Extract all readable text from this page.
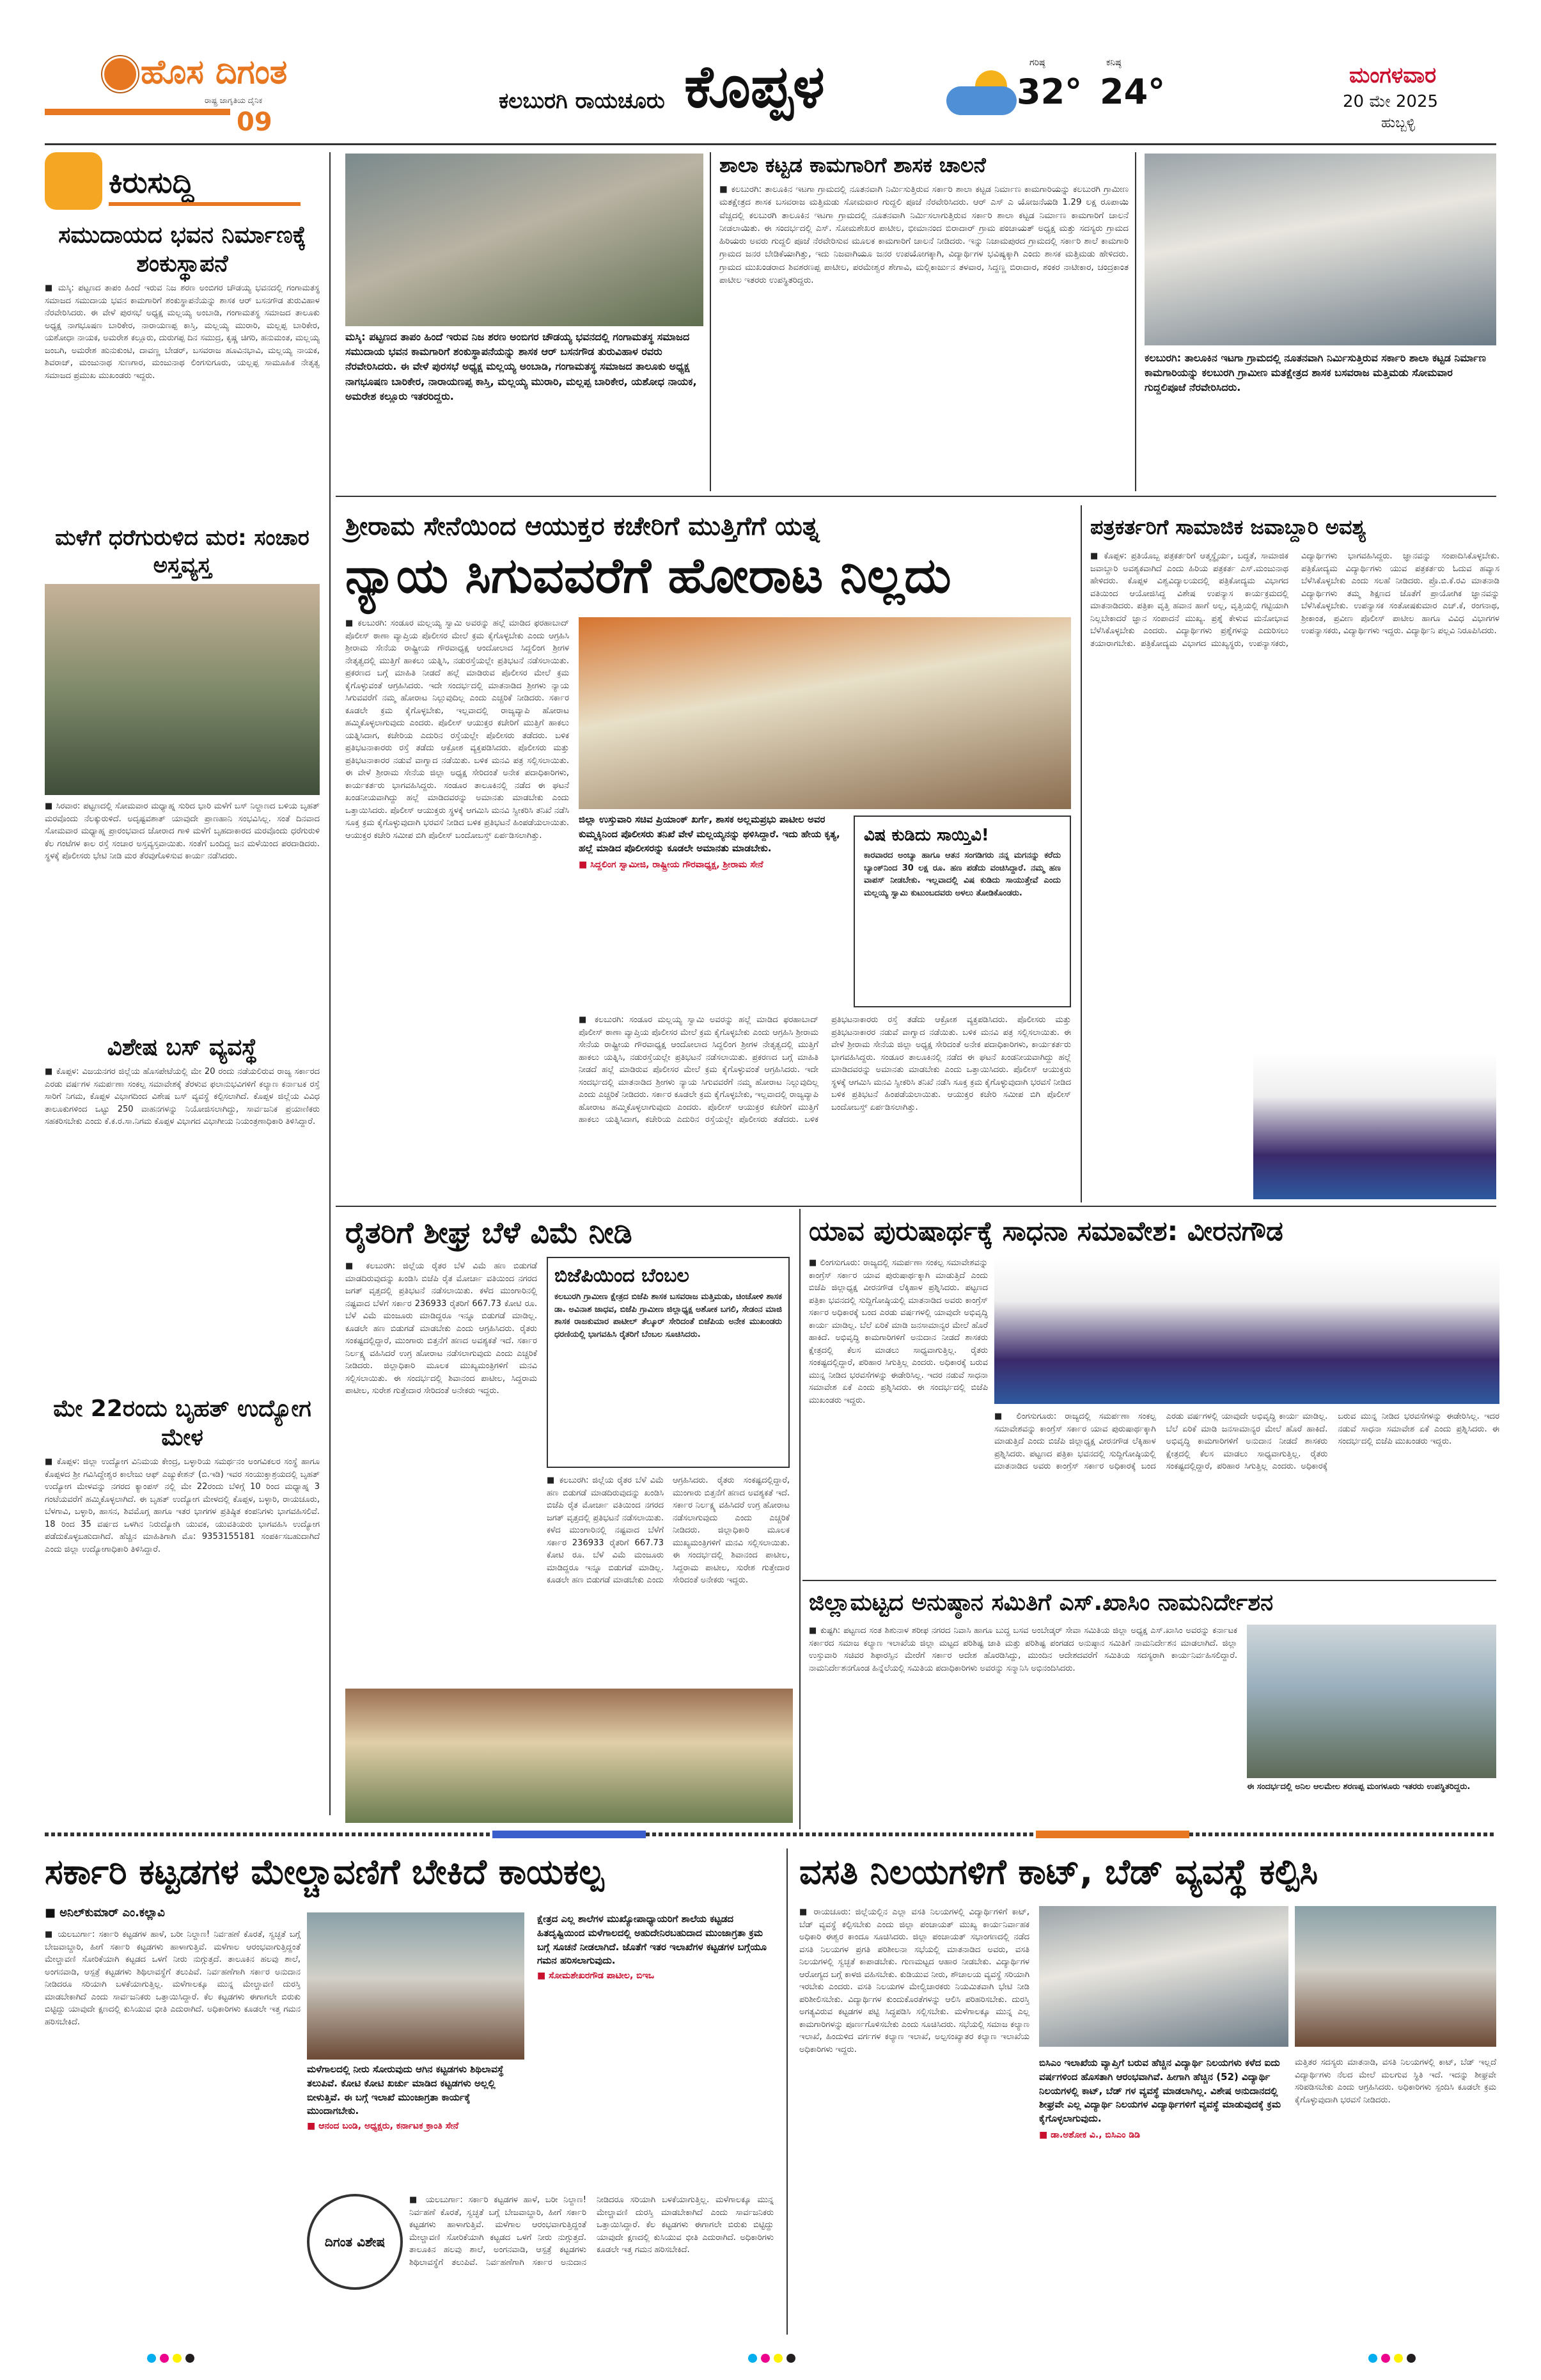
ಹೊಸ ದಿಗಂತ
ರಾಷ್ಟ್ರ ಜಾಗೃತಿಯ ದೈನಿಕ
09
ಕಲಬುರಗಿ ರಾಯಚೂರು ಕೊಪ್ಪಳ	ಗರಿಷ್ಠ
32°
ಕನಿಷ್ಠ
24°	ಮಂಗಳವಾರ
20 ಮೇ 2025
ಹುಬ್ಬಳ್ಳಿ
ಕಿರುಸುದ್ದಿ
ಸಮುದಾಯದ ಭವನ ನಿರ್ಮಾಣಕ್ಕೆ ಶಂಕುಸ್ಥಾಪನೆ
■ ಮಸ್ಕಿ: ಪಟ್ಟಣದ ತಾಪಂ ಹಿಂದೆ ಇರುವ ನಿಜ ಶರಣ ಅಂಬಿಗರ ಚೌಡಯ್ಯ ಭವನದಲ್ಲಿ ಗಂಗಾಮತಸ್ಥ ಸಮಾಜದ ಸಮುದಾಯ ಭವನ ಕಾಮಗಾರಿಗೆ ಶಂಕುಸ್ಥಾಪನೆಯನ್ನು ಶಾಸಕ ಆರ್ ಬಸನಗೌಡ ತುರುವಿಹಾಳ ನೆರವೇರಿಸಿದರು. ಈ ವೇಳೆ ಪುರಸಭೆ ಅಧ್ಯಕ್ಷ ಮಲ್ಲಯ್ಯ ಅಂಬಾಡಿ, ಗಂಗಾಮತಸ್ಥ ಸಮಾಜದ ತಾಲೂಕು ಅಧ್ಯಕ್ಷ ನಾಗಭೂಷಣ ಬಾರಿಕೇರ, ನಾರಾಯಣಪ್ಪ ಕಾಸ್ತಿ, ಮಲ್ಲಯ್ಯ ಮುರಾರಿ, ಮಲ್ಲಪ್ಪ ಬಾರಿಕೇರ, ಯಶೋಧಾ ನಾಯಕ, ಅಮರೇಶ ಕಲ್ಲೂರು, ದುರುಗಪ್ಪ ದಿನ ಸಮುದ್ರ, ಕೃಷ್ಣ ಚಿಗರಿ, ಹನುಮಂತ, ಮಲ್ಲಯ್ಯ ಜಂಬಗಿ, ಅಮರೇಶ ಹುನುಕುಂಟಿ, ದಾವಣ್ಣ ಬೇಡರ್, ಬಸವರಾಜ ಹೂವಿನಭಾವಿ, ಮಲ್ಲಯ್ಯ ನಾಯಕ, ಶಿವರಾಜ್, ಮಂಜುನಾಥ ಸುಣಗಾರ, ಮಂಜುನಾಥ ಲಿಂಗಸುಗೂರು, ಯಲ್ಲಪ್ಪ ಸಾಮೂಹಿಕ ನೇತೃತ್ವ ಸಮಾಜದ ಪ್ರಮುಖ ಮುಖಂಡರು ಇದ್ದರು.
ಮಳೆಗೆ ಧರೆಗುರುಳಿದ ಮರ: ಸಂಚಾರ ಅಸ್ತವ್ಯಸ್ತ
■ ಸಿರವಾರ: ಪಟ್ಟಣದಲ್ಲಿ ಸೋಮವಾರ ಮಧ್ಯಾಹ್ನ ಸುರಿದ ಭಾರಿ ಮಳೆಗೆ ಬಸ್ ನಿಲ್ದಾಣದ ಬಳಿಯ ಬೃಹತ್ ಮರವೊಂದು ನೆಲಕ್ಕುರುಳಿದೆ. ಅದೃಷ್ಟವಶಾತ್ ಯಾವುದೇ ಪ್ರಾಣಹಾನಿ ಸಂಭವಿಸಿಲ್ಲ. ಸಂತೆ ದಿನವಾದ ಸೋಮವಾರ ಮಧ್ಯಾಹ್ನ ಪ್ರಾರಂಭವಾದ ಜೋರಾದ ಗಾಳಿ ಮಳೆಗೆ ಬೃಹದಾಕಾರದ ಮರವೊಂದು ಧರೆಗುರುಳಿ ಕೆಲ ಗಂಟೆಗಳ ಕಾಲ ರಸ್ತೆ ಸಂಚಾರ ಅಸ್ತವ್ಯಸ್ತವಾಯಿತು. ಸಂತೆಗೆ ಬಂದಿದ್ದ ಜನ ಮಳೆಯಿಂದ ಪರದಾಡಿದರು. ಸ್ಥಳಕ್ಕೆ ಪೊಲೀಸರು ಭೇಟಿ ನೀಡಿ ಮರ ತೆರವುಗೊಳಿಸುವ ಕಾರ್ಯ ನಡೆಸಿದರು.
ವಿಶೇಷ ಬಸ್ ವ್ಯವಸ್ಥೆ
■ ಕೊಪ್ಪಳ: ವಿಜಯನಗರ ಜಿಲ್ಲೆಯ ಹೊಸಪೇಟೆಯಲ್ಲಿ ಮೇ 20 ರಂದು ನಡೆಯಲಿರುವ ರಾಜ್ಯ ಸರ್ಕಾರದ ಎರಡು ವರ್ಷಗಳ ಸಮರ್ಪಣಾ ಸಂಕಲ್ಪ ಸಮಾವೇಶಕ್ಕೆ ತೆರಳುವ ಫಲಾನುಭವಿಗಳಿಗೆ ಕಲ್ಯಾಣ ಕರ್ನಾಟಕ ರಸ್ತೆ ಸಾರಿಗೆ ನಿಗಮ, ಕೊಪ್ಪಳ ವಿಭಾಗದಿಂದ ವಿಶೇಷ ಬಸ್ ವ್ಯವಸ್ಥೆ ಕಲ್ಪಿಸಲಾಗಿದೆ. ಕೊಪ್ಪಳ ಜಿಲ್ಲೆಯ ವಿವಿಧ ತಾಲೂಕುಗಳಿಂದ ಒಟ್ಟು 250 ವಾಹನಗಳನ್ನು ನಿಯೋಜಿಸಲಾಗಿದ್ದು, ಸಾರ್ವಜನಿಕ ಪ್ರಯಾಣಿಕರು ಸಹಕರಿಸಬೇಕು ಎಂದು ಕೆ.ಕ.ರ.ಸಾ.ನಿಗಮ ಕೊಪ್ಪಳ ವಿಭಾಗದ ವಿಭಾಗೀಯ ನಿಯಂತ್ರಣಾಧಿಕಾರಿ ತಿಳಿಸಿದ್ದಾರೆ.
ಮೇ 22ರಂದು ಬೃಹತ್ ಉದ್ಯೋಗ ಮೇಳ
■ ಕೊಪ್ಪಳ: ಜಿಲ್ಲಾ ಉದ್ಯೋಗ ವಿನಿಮಯ ಕೇಂದ್ರ, ಬಳ್ಳಾರಿಯ ಸಮರ್ಥನಂ ಅಂಗವಿಕಲರ ಸಂಸ್ಥೆ ಹಾಗೂ ಕೊಪ್ಪಳದ ಶ್ರೀ ಗವಿಸಿದ್ದೇಶ್ವರ ಕಾಲೇಜು ಆಫ್ ಎಜ್ಯುಕೇಶನ್ (ಬಿ.ಇಡಿ) ಇವರ ಸಂಯುಕ್ತಾಶ್ರಯದಲ್ಲಿ ಬೃಹತ್ ಉದ್ಯೋಗ ಮೇಳವನ್ನು ನಗರದ ಕ್ಯಾಂಪಸ್ ನಲ್ಲಿ ಮೇ 22ರಂದು ಬೆಳಿಗ್ಗೆ 10 ರಿಂದ ಮಧ್ಯಾಹ್ನ 3 ಗಂಟೆಯವರೆಗೆ ಹಮ್ಮಿಕೊಳ್ಳಲಾಗಿದೆ. ಈ ಬೃಹತ್ ಉದ್ಯೋಗ ಮೇಳದಲ್ಲಿ ಕೊಪ್ಪಳ, ಬಳ್ಳಾರಿ, ರಾಯಚೂರು, ಬೆಳಗಾವಿ, ಬಳ್ಳಾರಿ, ಹಾಸನ, ಶಿವಮೊಗ್ಗ ಹಾಗೂ ಇತರ ಭಾಗಗಳ ಪ್ರತಿಷ್ಠಿತ ಕಂಪನಿಗಳು ಭಾಗವಹಿಸಲಿವೆ. 18 ರಿಂದ 35 ವರ್ಷದ ಒಳಗಿನ ನಿರುದ್ಯೋಗಿ ಯುವಕ, ಯುವತಿಯರು ಭಾಗವಹಿಸಿ ಉದ್ಯೋಗ ಪಡೆದುಕೊಳ್ಳಬಹುದಾಗಿದೆ. ಹೆಚ್ಚಿನ ಮಾಹಿತಿಗಾಗಿ ಮೊ: 9353155181 ಸಂಪರ್ಕಿಸಬಹುದಾಗಿದೆ ಎಂದು ಜಿಲ್ಲಾ ಉದ್ಯೋಗಾಧಿಕಾರಿ ತಿಳಿಸಿದ್ದಾರೆ.
ಮಸ್ಕಿ: ಪಟ್ಟಣದ ತಾಪಂ ಹಿಂದೆ ಇರುವ ನಿಜ ಶರಣ ಅಂಬಿಗರ ಚೌಡಯ್ಯ ಭವನದಲ್ಲಿ ಗಂಗಾಮತಸ್ಥ ಸಮಾಜದ ಸಮುದಾಯ ಭವನ ಕಾಮಗಾರಿಗೆ ಶಂಕುಸ್ಥಾಪನೆಯನ್ನು ಶಾಸಕ ಆರ್ ಬಸನಗೌಡ ತುರುವಿಹಾಳ ರವರು ನೆರವೇರಿಸಿದರು. ಈ ವೇಳೆ ಪುರಸಭೆ ಅಧ್ಯಕ್ಷ ಮಲ್ಲಯ್ಯ ಅಂಬಾಡಿ, ಗಂಗಾಮತಸ್ಥ ಸಮಾಜದ ತಾಲೂಕು ಅಧ್ಯಕ್ಷ ನಾಗಭೂಷಣ ಬಾರಿಕೇರ, ನಾರಾಯಣಪ್ಪ ಕಾಸ್ತಿ, ಮಲ್ಲಯ್ಯ ಮುರಾರಿ, ಮಲ್ಲಪ್ಪ ಬಾರಿಕೇರ, ಯಶೋಧ ನಾಯಕ, ಅಮರೇಶ ಕಲ್ಲೂರು ಇತರರಿದ್ದರು.
ಶಾಲಾ ಕಟ್ಟಡ ಕಾಮಗಾರಿಗೆ ಶಾಸಕ ಚಾಲನೆ
■ ಕಲಬುರಗಿ: ತಾಲೂಕಿನ ಇಟಗಾ ಗ್ರಾಮದಲ್ಲಿ ನೂತನವಾಗಿ ನಿರ್ಮಿಸುತ್ತಿರುವ ಸರ್ಕಾರಿ ಶಾಲಾ ಕಟ್ಟಡ ನಿರ್ಮಾಣ ಕಾಮಗಾರಿಯನ್ನು ಕಲಬುರಗಿ ಗ್ರಾಮೀಣ ಮತಕ್ಷೇತ್ರದ ಶಾಸಕ ಬಸವರಾಜ ಮತ್ತಿಮಡು ಸೋಮವಾರ ಗುದ್ದಲಿ ಪೂಜೆ ನೆರವೇರಿಸಿದರು. ಆರ್ ಎಸ್ ಎ ಯೋಜನೆಯಡಿ 1.29 ಲಕ್ಷ ರೂಪಾಯಿ ವೆಚ್ಚದಲ್ಲಿ ಕಲಬುರಗಿ ತಾಲೂಕಿನ ಇಟಗಾ ಗ್ರಾಮದಲ್ಲಿ ನೂತನವಾಗಿ ನಿರ್ಮಿಸಲಾಗುತ್ತಿರುವ ಸರ್ಕಾರಿ ಶಾಲಾ ಕಟ್ಟಡ ನಿರ್ಮಾಣ ಕಾಮಗಾರಿಗೆ ಚಾಲನೆ ನೀಡಲಾಯಿತು. ಈ ಸಂದರ್ಭದಲ್ಲಿ ಎಸ್. ಸೋಮಶೇಖರ ಪಾಟೀಲ, ಭೀಮಾನಂದ ಬಿರಾದಾರ್ ಗ್ರಾಮ ಪಂಚಾಯತ್ ಅಧ್ಯಕ್ಷ ಮತ್ತು ಸದಸ್ಯರು ಗ್ರಾಮದ ಹಿರಿಯರು ಅವರು ಗುದ್ದಲಿ ಪೂಜೆ ನೆರವೇರಿಸುವ ಮೂಲಕ ಕಾಮಗಾರಿಗೆ ಚಾಲನೆ ನೀಡಿದರು. ಇನ್ನು ನಿಜಾಮಪುರದ ಗ್ರಾಮದಲ್ಲಿ ಸರ್ಕಾರಿ ಶಾಲೆ ಕಾಮಗಾರಿ ಗ್ರಾಮದ ಜನರ ಬೇಡಿಕೆಯಾಗಿತ್ತು, ಇದು ನಿಜವಾಗಿಯೂ ಜನರ ಉಪಯೋಗಕ್ಕಾಗಿ, ವಿದ್ಯಾರ್ಥಿಗಳ ಭವಿಷ್ಯಕ್ಕಾಗಿ ಎಂದು ಶಾಸಕ ಮತ್ತಿಮಡು ಹೇಳಿದರು. ಗ್ರಾಮದ ಮುಖಂಡರಾದ ಶಿವಶರಣಪ್ಪ ಪಾಟೀಲ, ಪರಮೇಶ್ವರ ಶೇಗಾವಿ, ಮಲ್ಲಿಕಾರ್ಜುನ ತಳವಾರ, ಸಿದ್ದಣ್ಣ ಬಿರಾದಾರ, ಶಂಕರ ನಾಟೀಕಾರ, ಚಂದ್ರಕಾಂತ ಪಾಟೀಲ ಇತರರು ಉಪಸ್ಥಿತರಿದ್ದರು.
ಕಲಬುರಗಿ: ತಾಲೂಕಿನ ಇಟಗಾ ಗ್ರಾಮದಲ್ಲಿ ನೂತನವಾಗಿ ನಿರ್ಮಿಸುತ್ತಿರುವ ಸರ್ಕಾರಿ ಶಾಲಾ ಕಟ್ಟಡ ನಿರ್ಮಾಣ ಕಾಮಗಾರಿಯನ್ನು ಕಲಬುರಗಿ ಗ್ರಾಮೀಣ ಮತಕ್ಷೇತ್ರದ ಶಾಸಕ ಬಸವರಾಜ ಮತ್ತಿಮಡು ಸೋಮವಾರ ಗುದ್ದಲಿಪೂಜೆ ನೆರವೇರಿಸಿದರು.
ಶ್ರೀರಾಮ ಸೇನೆಯಿಂದ ಆಯುಕ್ತರ ಕಚೇರಿಗೆ ಮುತ್ತಿಗೆಗೆ ಯತ್ನ
ನ್ಯಾಯ ಸಿಗುವವರೆಗೆ ಹೋರಾಟ ನಿಲ್ಲದು
■ ಕಲಬುರಗಿ: ಸಂಡೂರ ಮಲ್ಲಯ್ಯ ಸ್ವಾಮಿ ಅವರನ್ನು ಹಲ್ಲೆ ಮಾಡಿದ ಫರಹಾಬಾದ್ ಪೊಲೀಸ್ ಠಾಣಾ ವ್ಯಾಪ್ತಿಯ ಪೊಲೀಸರ ಮೇಲೆ ಕ್ರಮ ಕೈಗೊಳ್ಳಬೇಕು ಎಂದು ಆಗ್ರಹಿಸಿ ಶ್ರೀರಾಮ ಸೇನೆಯ ರಾಷ್ಟ್ರೀಯ ಗೌರವಾಧ್ಯಕ್ಷ ಆಂದೋಲಾದ ಸಿದ್ದಲಿಂಗ ಶ್ರೀಗಳ ನೇತೃತ್ವದಲ್ಲಿ ಮುತ್ತಿಗೆ ಹಾಕಲು ಯತ್ನಿಸಿ, ನಡುರಸ್ತೆಯಲ್ಲೇ ಪ್ರತಿಭಟನೆ ನಡೆಸಲಾಯಿತು. ಪ್ರಕರಣದ ಬಗ್ಗೆ ಮಾಹಿತಿ ನೀಡದೆ ಹಲ್ಲೆ ಮಾಡಿರುವ ಪೊಲೀಸರ ಮೇಲೆ ಕ್ರಮ ಕೈಗೊಳ್ಳುವಂತೆ ಆಗ್ರಹಿಸಿದರು. ಇದೇ ಸಂದರ್ಭದಲ್ಲಿ ಮಾತನಾಡಿದ ಶ್ರೀಗಳು ನ್ಯಾಯ ಸಿಗುವವರೆಗೆ ನಮ್ಮ ಹೋರಾಟ ನಿಲ್ಲುವುದಿಲ್ಲ ಎಂದು ಎಚ್ಚರಿಕೆ ನೀಡಿದರು. ಸರ್ಕಾರ ಕೂಡಲೇ ಕ್ರಮ ಕೈಗೊಳ್ಳಬೇಕು, ಇಲ್ಲವಾದಲ್ಲಿ ರಾಜ್ಯವ್ಯಾಪಿ ಹೋರಾಟ ಹಮ್ಮಿಕೊಳ್ಳಲಾಗುವುದು ಎಂದರು. ಪೊಲೀಸ್ ಆಯುಕ್ತರ ಕಚೇರಿಗೆ ಮುತ್ತಿಗೆ ಹಾಕಲು ಯತ್ನಿಸಿದಾಗ, ಕಚೇರಿಯ ಎದುರಿನ ರಸ್ತೆಯಲ್ಲೇ ಪೊಲೀಸರು ತಡೆದರು. ಬಳಿಕ ಪ್ರತಿಭಟನಾಕಾರರು ರಸ್ತೆ ತಡೆದು ಆಕ್ರೋಶ ವ್ಯಕ್ತಪಡಿಸಿದರು. ಪೊಲೀಸರು ಮತ್ತು ಪ್ರತಿಭಟನಾಕಾರರ ನಡುವೆ ವಾಗ್ವಾದ ನಡೆಯಿತು. ಬಳಿಕ ಮನವಿ ಪತ್ರ ಸಲ್ಲಿಸಲಾಯಿತು. ಈ ವೇಳೆ ಶ್ರೀರಾಮ ಸೇನೆಯ ಜಿಲ್ಲಾ ಅಧ್ಯಕ್ಷ ಸೇರಿದಂತೆ ಅನೇಕ ಪದಾಧಿಕಾರಿಗಳು, ಕಾರ್ಯಕರ್ತರು ಭಾಗವಹಿಸಿದ್ದರು. ಸಂಡೂರ ತಾಲೂಕಿನಲ್ಲಿ ನಡೆದ ಈ ಘಟನೆ ಖಂಡನೀಯವಾಗಿದ್ದು ಹಲ್ಲೆ ಮಾಡಿದವರನ್ನು ಅಮಾನತು ಮಾಡಬೇಕು ಎಂದು ಒತ್ತಾಯಿಸಿದರು. ಪೊಲೀಸ್ ಆಯುಕ್ತರು ಸ್ಥಳಕ್ಕೆ ಆಗಮಿಸಿ ಮನವಿ ಸ್ವೀಕರಿಸಿ ತನಿಖೆ ನಡೆಸಿ ಸೂಕ್ತ ಕ್ರಮ ಕೈಗೊಳ್ಳುವುದಾಗಿ ಭರವಸೆ ನೀಡಿದ ಬಳಿಕ ಪ್ರತಿಭಟನೆ ಹಿಂಪಡೆಯಲಾಯಿತು. ಆಯುಕ್ತರ ಕಚೇರಿ ಸಮೀಪ ಬಿಗಿ ಪೊಲೀಸ್ ಬಂದೋಬಸ್ತ್ ಏರ್ಪಡಿಸಲಾಗಿತ್ತು.
ಜಿಲ್ಲಾ ಉಸ್ತುವಾರಿ ಸಚಿವ ಪ್ರಿಯಾಂಕ್ ಖರ್ಗೆ, ಶಾಸಕ ಅಲ್ಲಮಪ್ರಭು ಪಾಟೀಲ ಅವರ ಕುಮ್ಮಕ್ಕಿನಿಂದ ಪೊಲೀಸರು ತನಿಖೆ ವೇಳೆ ಮಲ್ಲಯ್ಯನನ್ನು ಥಳಿಸಿದ್ದಾರೆ. ಇದು ಹೇಯ ಕೃತ್ಯ, ಹಲ್ಲೆ ಮಾಡಿದ ಪೊಲೀಸರನ್ನು ಕೂಡಲೇ ಅಮಾನತು ಮಾಡಬೇಕು.
■ ಸಿದ್ದಲಿಂಗ ಸ್ವಾಮೀಜಿ, ರಾಷ್ಟ್ರೀಯ ಗೌರವಾಧ್ಯಕ್ಷ, ಶ್ರೀರಾಮ ಸೇನೆ
ವಿಷ ಕುಡಿದು ಸಾಯ್ತಿವಿ!
ಕಾರವಾರದ ಅಂಬ್ಯಾ ಹಾಗೂ ಆತನ ಸಂಗಡಿಗರು ನನ್ನ ಮಗನನ್ನು ಕರೆದು ಬ್ಯಾಂಕ್‌ನಿಂದ 30 ಲಕ್ಷ ರೂ. ಹಣ ಪಡೆದು ವಂಚಿಸಿದ್ದಾರೆ. ನಮ್ಮ ಹಣ ವಾಪಸ್ ನೀಡಬೇಕು. ಇಲ್ಲವಾದಲ್ಲಿ ವಿಷ ಕುಡಿದು ಸಾಯುತ್ತೇವೆ ಎಂದು ಮಲ್ಲಯ್ಯ ಸ್ವಾಮಿ ಕುಟುಂಬದವರು ಅಳಲು ತೋಡಿಕೊಂಡರು.
■ ಕಲಬುರಗಿ: ಸಂಡೂರ ಮಲ್ಲಯ್ಯ ಸ್ವಾಮಿ ಅವರನ್ನು ಹಲ್ಲೆ ಮಾಡಿದ ಫರಹಾಬಾದ್ ಪೊಲೀಸ್ ಠಾಣಾ ವ್ಯಾಪ್ತಿಯ ಪೊಲೀಸರ ಮೇಲೆ ಕ್ರಮ ಕೈಗೊಳ್ಳಬೇಕು ಎಂದು ಆಗ್ರಹಿಸಿ ಶ್ರೀರಾಮ ಸೇನೆಯ ರಾಷ್ಟ್ರೀಯ ಗೌರವಾಧ್ಯಕ್ಷ ಆಂದೋಲಾದ ಸಿದ್ದಲಿಂಗ ಶ್ರೀಗಳ ನೇತೃತ್ವದಲ್ಲಿ ಮುತ್ತಿಗೆ ಹಾಕಲು ಯತ್ನಿಸಿ, ನಡುರಸ್ತೆಯಲ್ಲೇ ಪ್ರತಿಭಟನೆ ನಡೆಸಲಾಯಿತು. ಪ್ರಕರಣದ ಬಗ್ಗೆ ಮಾಹಿತಿ ನೀಡದೆ ಹಲ್ಲೆ ಮಾಡಿರುವ ಪೊಲೀಸರ ಮೇಲೆ ಕ್ರಮ ಕೈಗೊಳ್ಳುವಂತೆ ಆಗ್ರಹಿಸಿದರು. ಇದೇ ಸಂದರ್ಭದಲ್ಲಿ ಮಾತನಾಡಿದ ಶ್ರೀಗಳು ನ್ಯಾಯ ಸಿಗುವವರೆಗೆ ನಮ್ಮ ಹೋರಾಟ ನಿಲ್ಲುವುದಿಲ್ಲ ಎಂದು ಎಚ್ಚರಿಕೆ ನೀಡಿದರು. ಸರ್ಕಾರ ಕೂಡಲೇ ಕ್ರಮ ಕೈಗೊಳ್ಳಬೇಕು, ಇಲ್ಲವಾದಲ್ಲಿ ರಾಜ್ಯವ್ಯಾಪಿ ಹೋರಾಟ ಹಮ್ಮಿಕೊಳ್ಳಲಾಗುವುದು ಎಂದರು. ಪೊಲೀಸ್ ಆಯುಕ್ತರ ಕಚೇರಿಗೆ ಮುತ್ತಿಗೆ ಹಾಕಲು ಯತ್ನಿಸಿದಾಗ, ಕಚೇರಿಯ ಎದುರಿನ ರಸ್ತೆಯಲ್ಲೇ ಪೊಲೀಸರು ತಡೆದರು. ಬಳಿಕ ಪ್ರತಿಭಟನಾಕಾರರು ರಸ್ತೆ ತಡೆದು ಆಕ್ರೋಶ ವ್ಯಕ್ತಪಡಿಸಿದರು. ಪೊಲೀಸರು ಮತ್ತು ಪ್ರತಿಭಟನಾಕಾರರ ನಡುವೆ ವಾಗ್ವಾದ ನಡೆಯಿತು. ಬಳಿಕ ಮನವಿ ಪತ್ರ ಸಲ್ಲಿಸಲಾಯಿತು. ಈ ವೇಳೆ ಶ್ರೀರಾಮ ಸೇನೆಯ ಜಿಲ್ಲಾ ಅಧ್ಯಕ್ಷ ಸೇರಿದಂತೆ ಅನೇಕ ಪದಾಧಿಕಾರಿಗಳು, ಕಾರ್ಯಕರ್ತರು ಭಾಗವಹಿಸಿದ್ದರು. ಸಂಡೂರ ತಾಲೂಕಿನಲ್ಲಿ ನಡೆದ ಈ ಘಟನೆ ಖಂಡನೀಯವಾಗಿದ್ದು ಹಲ್ಲೆ ಮಾಡಿದವರನ್ನು ಅಮಾನತು ಮಾಡಬೇಕು ಎಂದು ಒತ್ತಾಯಿಸಿದರು. ಪೊಲೀಸ್ ಆಯುಕ್ತರು ಸ್ಥಳಕ್ಕೆ ಆಗಮಿಸಿ ಮನವಿ ಸ್ವೀಕರಿಸಿ ತನಿಖೆ ನಡೆಸಿ ಸೂಕ್ತ ಕ್ರಮ ಕೈಗೊಳ್ಳುವುದಾಗಿ ಭರವಸೆ ನೀಡಿದ ಬಳಿಕ ಪ್ರತಿಭಟನೆ ಹಿಂಪಡೆಯಲಾಯಿತು. ಆಯುಕ್ತರ ಕಚೇರಿ ಸಮೀಪ ಬಿಗಿ ಪೊಲೀಸ್ ಬಂದೋಬಸ್ತ್ ಏರ್ಪಡಿಸಲಾಗಿತ್ತು.
ಪತ್ರಕರ್ತರಿಗೆ ಸಾಮಾಜಿಕ ಜವಾಬ್ದಾರಿ ಅವಶ್ಯ
■ ಕೊಪ್ಪಳ: ಪ್ರತಿಯೊಬ್ಬ ಪತ್ರಕರ್ತರಿಗೆ ಆತ್ಮಸ್ಥೈರ್ಯ, ಬದ್ಧತೆ, ಸಾಮಾಜಿಕ ಜವಾಬ್ದಾರಿ ಅವಶ್ಯಕವಾಗಿದೆ ಎಂದು ಹಿರಿಯ ಪತ್ರಕರ್ತ ಎಸ್.ಮಂಜುನಾಥ ಹೇಳಿದರು. ಕೊಪ್ಪಳ ವಿಶ್ವವಿದ್ಯಾಲಯದಲ್ಲಿ ಪತ್ರಿಕೋದ್ಯಮ ವಿಭಾಗದ ವತಿಯಿಂದ ಆಯೋಜಿಸಿದ್ದ ವಿಶೇಷ ಉಪನ್ಯಾಸ ಕಾರ್ಯಕ್ರಮದಲ್ಲಿ ಮಾತನಾಡಿದರು. ಪತ್ರಿಕಾ ವೃತ್ತಿ ಹವಾನ ಹಾಗೆ ಅಲ್ಲ, ವೃತ್ತಿಯಲ್ಲಿ ಗಟ್ಟಿಯಾಗಿ ನಿಲ್ಲಬೇಕಾದರೆ ಜ್ಞಾನ ಸಂಪಾದನೆ ಮುಖ್ಯ. ಪ್ರಶ್ನೆ ಕೇಳುವ ಮನೋಭಾವ ಬೆಳೆಸಿಕೊಳ್ಳಬೇಕು ಎಂದರು. ವಿದ್ಯಾರ್ಥಿಗಳು ಪ್ರಶ್ನೆಗಳನ್ನು ಎದುರಿಸಲು ತಯಾರಾಗಬೇಕು. ಪತ್ರಿಕೋದ್ಯಮ ವಿಭಾಗದ ಮುಖ್ಯಸ್ಥರು, ಉಪನ್ಯಾಸಕರು, ವಿದ್ಯಾರ್ಥಿಗಳು ಭಾಗವಹಿಸಿದ್ದರು. ಜ್ಞಾನವನ್ನು ಸಂಪಾದಿಸಿಕೊಳ್ಳಬೇಕು. ಪತ್ರಿಕೋದ್ಯಮ ವಿದ್ಯಾರ್ಥಿಗಳು ಯುವ ಪತ್ರಕರ್ತರು ಓದುವ ಹವ್ಯಾಸ ಬೆಳೆಸಿಕೊಳ್ಳಬೇಕು ಎಂದು ಸಲಹೆ ನೀಡಿದರು. ಪ್ರೊ.ಬಿ.ಕೆ.ರವಿ ಮಾತನಾಡಿ ವಿದ್ಯಾರ್ಥಿಗಳು ತಮ್ಮ ಶಿಕ್ಷಣದ ಜೊತೆಗೆ ಪ್ರಾಯೋಗಿಕ ಜ್ಞಾನವನ್ನು ಬೆಳೆಸಿಕೊಳ್ಳಬೇಕು. ಉಪನ್ಯಾಸಕ ಸಂತೋಷಕುಮಾರ ಎಚ್.ಕೆ, ರಂಗನಾಥ, ಶ್ರೀಕಾಂತ, ಪ್ರವೀಣ ಪೊಲೀಸ್ ಪಾಟೀಲ ಹಾಗೂ ವಿವಿಧ ವಿಭಾಗಗಳ ಉಪನ್ಯಾಸಕರು, ವಿದ್ಯಾರ್ಥಿಗಳು ಇದ್ದರು. ವಿದ್ಯಾರ್ಥಿನಿ ಪಲ್ಲವಿ ನಿರೂಪಿಸಿದರು.
ರೈತರಿಗೆ ಶೀಘ್ರ ಬೆಳೆ ವಿಮೆ ನೀಡಿ
■ ಕಲಬುರಗಿ: ಜಿಲ್ಲೆಯ ರೈತರ ಬೆಳೆ ವಿಮೆ ಹಣ ಬಿಡುಗಡೆ ಮಾಡದಿರುವುದನ್ನು ಖಂಡಿಸಿ ಬಿಜೆಪಿ ರೈತ ಮೋರ್ಚಾ ವತಿಯಿಂದ ನಗರದ ಜಗತ್ ವೃತ್ತದಲ್ಲಿ ಪ್ರತಿಭಟನೆ ನಡೆಸಲಾಯಿತು. ಕಳೆದ ಮುಂಗಾರಿನಲ್ಲಿ ನಷ್ಟವಾದ ಬೆಳೆಗೆ ಸರ್ಕಾರ 236933 ರೈತರಿಗೆ 667.73 ಕೋಟಿ ರೂ. ಬೆಳೆ ವಿಮೆ ಮಂಜೂರು ಮಾಡಿದ್ದರೂ ಇನ್ನೂ ಬಿಡುಗಡೆ ಮಾಡಿಲ್ಲ. ಕೂಡಲೇ ಹಣ ಬಿಡುಗಡೆ ಮಾಡಬೇಕು ಎಂದು ಆಗ್ರಹಿಸಿದರು. ರೈತರು ಸಂಕಷ್ಟದಲ್ಲಿದ್ದಾರೆ, ಮುಂಗಾರು ಬಿತ್ತನೆಗೆ ಹಣದ ಅವಶ್ಯಕತೆ ಇದೆ. ಸರ್ಕಾರ ನಿರ್ಲಕ್ಷ್ಯ ವಹಿಸಿದರೆ ಉಗ್ರ ಹೋರಾಟ ನಡೆಸಲಾಗುವುದು ಎಂದು ಎಚ್ಚರಿಕೆ ನೀಡಿದರು. ಜಿಲ್ಲಾಧಿಕಾರಿ ಮೂಲಕ ಮುಖ್ಯಮಂತ್ರಿಗಳಿಗೆ ಮನವಿ ಸಲ್ಲಿಸಲಾಯಿತು. ಈ ಸಂದರ್ಭದಲ್ಲಿ ಶಿವಾನಂದ ಪಾಟೀಲ, ಸಿದ್ದರಾಮ ಪಾಟೀಲ, ಸುರೇಶ ಗುತ್ತೇದಾರ ಸೇರಿದಂತೆ ಅನೇಕರು ಇದ್ದರು.
ಬಿಜೆಪಿಯಿಂದ ಬೆಂಬಲ
ಕಲಬುರಗಿ ಗ್ರಾಮೀಣ ಕ್ಷೇತ್ರದ ಬಿಜೆಪಿ ಶಾಸಕ ಬಸವರಾಜ ಮತ್ತಿಮಡು, ಚಿಂಚೋಳಿ ಶಾಸಕ ಡಾ. ಅವಿನಾಶ ಜಾಧವ, ಬಿಜೆಪಿ ಗ್ರಾಮೀಣ ಜಿಲ್ಲಾಧ್ಯಕ್ಷ ಅಶೋಕ ಬಗಲಿ, ಸೇಡಂನ ಮಾಜಿ ಶಾಸಕ ರಾಜಕುಮಾರ ಪಾಟೀಲ್ ತೆಲ್ಕೂರ್ ಸೇರಿದಂತೆ ಬಿಜೆಪಿಯ ಅನೇಕ ಮುಖಂಡರು ಧರಣಿಯಲ್ಲಿ ಭಾಗವಹಿಸಿ ರೈತರಿಗೆ ಬೆಂಬಲ ಸೂಚಿಸಿದರು.
■ ಕಲಬುರಗಿ: ಜಿಲ್ಲೆಯ ರೈತರ ಬೆಳೆ ವಿಮೆ ಹಣ ಬಿಡುಗಡೆ ಮಾಡದಿರುವುದನ್ನು ಖಂಡಿಸಿ ಬಿಜೆಪಿ ರೈತ ಮೋರ್ಚಾ ವತಿಯಿಂದ ನಗರದ ಜಗತ್ ವೃತ್ತದಲ್ಲಿ ಪ್ರತಿಭಟನೆ ನಡೆಸಲಾಯಿತು. ಕಳೆದ ಮುಂಗಾರಿನಲ್ಲಿ ನಷ್ಟವಾದ ಬೆಳೆಗೆ ಸರ್ಕಾರ 236933 ರೈತರಿಗೆ 667.73 ಕೋಟಿ ರೂ. ಬೆಳೆ ವಿಮೆ ಮಂಜೂರು ಮಾಡಿದ್ದರೂ ಇನ್ನೂ ಬಿಡುಗಡೆ ಮಾಡಿಲ್ಲ. ಕೂಡಲೇ ಹಣ ಬಿಡುಗಡೆ ಮಾಡಬೇಕು ಎಂದು ಆಗ್ರಹಿಸಿದರು. ರೈತರು ಸಂಕಷ್ಟದಲ್ಲಿದ್ದಾರೆ, ಮುಂಗಾರು ಬಿತ್ತನೆಗೆ ಹಣದ ಅವಶ್ಯಕತೆ ಇದೆ. ಸರ್ಕಾರ ನಿರ್ಲಕ್ಷ್ಯ ವಹಿಸಿದರೆ ಉಗ್ರ ಹೋರಾಟ ನಡೆಸಲಾಗುವುದು ಎಂದು ಎಚ್ಚರಿಕೆ ನೀಡಿದರು. ಜಿಲ್ಲಾಧಿಕಾರಿ ಮೂಲಕ ಮುಖ್ಯಮಂತ್ರಿಗಳಿಗೆ ಮನವಿ ಸಲ್ಲಿಸಲಾಯಿತು. ಈ ಸಂದರ್ಭದಲ್ಲಿ ಶಿವಾನಂದ ಪಾಟೀಲ, ಸಿದ್ದರಾಮ ಪಾಟೀಲ, ಸುರೇಶ ಗುತ್ತೇದಾರ ಸೇರಿದಂತೆ ಅನೇಕರು ಇದ್ದರು.
ಯಾವ ಪುರುಷಾರ್ಥಕ್ಕೆ ಸಾಧನಾ ಸಮಾವೇಶ: ವೀರನಗೌಡ
■ ಲಿಂಗಸುಗೂರು: ರಾಜ್ಯದಲ್ಲಿ ಸಮರ್ಪಣಾ ಸಂಕಲ್ಪ ಸಮಾವೇಶವನ್ನು ಕಾಂಗ್ರೆಸ್ ಸರ್ಕಾರ ಯಾವ ಪುರುಷಾರ್ಥಕ್ಕಾಗಿ ಮಾಡುತ್ತಿದೆ ಎಂದು ಬಿಜೆಪಿ ಜಿಲ್ಲಾಧ್ಯಕ್ಷ ವೀರನಗೌಡ ಲೆಕ್ಕಿಹಾಳ ಪ್ರಶ್ನಿಸಿದರು. ಪಟ್ಟಣದ ಪತ್ರಿಕಾ ಭವನದಲ್ಲಿ ಸುದ್ದಿಗೋಷ್ಠಿಯಲ್ಲಿ ಮಾತನಾಡಿದ ಅವರು ಕಾಂಗ್ರೆಸ್ ಸರ್ಕಾರ ಅಧಿಕಾರಕ್ಕೆ ಬಂದ ಎರಡು ವರ್ಷಗಳಲ್ಲಿ ಯಾವುದೇ ಅಭಿವೃದ್ಧಿ ಕಾರ್ಯ ಮಾಡಿಲ್ಲ. ಬೆಲೆ ಏರಿಕೆ ಮಾಡಿ ಜನಸಾಮಾನ್ಯರ ಮೇಲೆ ಹೊರೆ ಹಾಕಿದೆ. ಅಭಿವೃದ್ಧಿ ಕಾಮಗಾರಿಗಳಿಗೆ ಅನುದಾನ ನೀಡದೆ ಶಾಸಕರು ಕ್ಷೇತ್ರದಲ್ಲಿ ಕೆಲಸ ಮಾಡಲು ಸಾಧ್ಯವಾಗುತ್ತಿಲ್ಲ. ರೈತರು ಸಂಕಷ್ಟದಲ್ಲಿದ್ದಾರೆ, ಪರಿಹಾರ ಸಿಗುತ್ತಿಲ್ಲ ಎಂದರು. ಅಧಿಕಾರಕ್ಕೆ ಬರುವ ಮುನ್ನ ನೀಡಿದ ಭರವಸೆಗಳನ್ನು ಈಡೇರಿಸಿಲ್ಲ. ಇದರ ನಡುವೆ ಸಾಧನಾ ಸಮಾವೇಶ ಏಕೆ ಎಂದು ಪ್ರಶ್ನಿಸಿದರು. ಈ ಸಂದರ್ಭದಲ್ಲಿ ಬಿಜೆಪಿ ಮುಖಂಡರು ಇದ್ದರು.
■ ಲಿಂಗಸುಗೂರು: ರಾಜ್ಯದಲ್ಲಿ ಸಮರ್ಪಣಾ ಸಂಕಲ್ಪ ಸಮಾವೇಶವನ್ನು ಕಾಂಗ್ರೆಸ್ ಸರ್ಕಾರ ಯಾವ ಪುರುಷಾರ್ಥಕ್ಕಾಗಿ ಮಾಡುತ್ತಿದೆ ಎಂದು ಬಿಜೆಪಿ ಜಿಲ್ಲಾಧ್ಯಕ್ಷ ವೀರನಗೌಡ ಲೆಕ್ಕಿಹಾಳ ಪ್ರಶ್ನಿಸಿದರು. ಪಟ್ಟಣದ ಪತ್ರಿಕಾ ಭವನದಲ್ಲಿ ಸುದ್ದಿಗೋಷ್ಠಿಯಲ್ಲಿ ಮಾತನಾಡಿದ ಅವರು ಕಾಂಗ್ರೆಸ್ ಸರ್ಕಾರ ಅಧಿಕಾರಕ್ಕೆ ಬಂದ ಎರಡು ವರ್ಷಗಳಲ್ಲಿ ಯಾವುದೇ ಅಭಿವೃದ್ಧಿ ಕಾರ್ಯ ಮಾಡಿಲ್ಲ. ಬೆಲೆ ಏರಿಕೆ ಮಾಡಿ ಜನಸಾಮಾನ್ಯರ ಮೇಲೆ ಹೊರೆ ಹಾಕಿದೆ. ಅಭಿವೃದ್ಧಿ ಕಾಮಗಾರಿಗಳಿಗೆ ಅನುದಾನ ನೀಡದೆ ಶಾಸಕರು ಕ್ಷೇತ್ರದಲ್ಲಿ ಕೆಲಸ ಮಾಡಲು ಸಾಧ್ಯವಾಗುತ್ತಿಲ್ಲ. ರೈತರು ಸಂಕಷ್ಟದಲ್ಲಿದ್ದಾರೆ, ಪರಿಹಾರ ಸಿಗುತ್ತಿಲ್ಲ ಎಂದರು. ಅಧಿಕಾರಕ್ಕೆ ಬರುವ ಮುನ್ನ ನೀಡಿದ ಭರವಸೆಗಳನ್ನು ಈಡೇರಿಸಿಲ್ಲ. ಇದರ ನಡುವೆ ಸಾಧನಾ ಸಮಾವೇಶ ಏಕೆ ಎಂದು ಪ್ರಶ್ನಿಸಿದರು. ಈ ಸಂದರ್ಭದಲ್ಲಿ ಬಿಜೆಪಿ ಮುಖಂಡರು ಇದ್ದರು.
ಜಿಲ್ಲಾಮಟ್ಟದ ಅನುಷ್ಠಾನ ಸಮಿತಿಗೆ ಎಸ್.ಖಾಸಿಂ ನಾಮನಿರ್ದೇಶನ
■ ಕುಷ್ಟಗಿ: ಪಟ್ಟಣದ ಸಂತ ಶಿಶುನಾಳ ಶರೀಫ ನಗರದ ನಿವಾಸಿ ಹಾಗೂ ಬುದ್ಧ ಬಸವ ಅಂಬೇಡ್ಕರ್ ಸೇವಾ ಸಮಿತಿಯ ಜಿಲ್ಲಾ ಅಧ್ಯಕ್ಷ ಎಸ್.ಖಾಸಿಂ ಅವರನ್ನು ಕರ್ನಾಟಕ ಸರ್ಕಾರದ ಸಮಾಜ ಕಲ್ಯಾಣ ಇಲಾಖೆಯ ಜಿಲ್ಲಾ ಮಟ್ಟದ ಪರಿಶಿಷ್ಟ ಜಾತಿ ಮತ್ತು ಪರಿಶಿಷ್ಟ ಪಂಗಡದ ಅನುಷ್ಠಾನ ಸಮಿತಿಗೆ ನಾಮನಿರ್ದೇಶನ ಮಾಡಲಾಗಿದೆ. ಜಿಲ್ಲಾ ಉಸ್ತುವಾರಿ ಸಚಿವರ ಶಿಫಾರಸ್ಸಿನ ಮೇರೆಗೆ ಸರ್ಕಾರ ಆದೇಶ ಹೊರಡಿಸಿದ್ದು, ಮುಂದಿನ ಆದೇಶದವರೆಗೆ ಸಮಿತಿಯ ಸದಸ್ಯರಾಗಿ ಕಾರ್ಯನಿರ್ವಹಿಸಲಿದ್ದಾರೆ. ನಾಮನಿರ್ದೇಶನಗೊಂಡ ಹಿನ್ನೆಲೆಯಲ್ಲಿ ಸಮಿತಿಯ ಪದಾಧಿಕಾರಿಗಳು ಅವರನ್ನು ಸನ್ಮಾನಿಸಿ ಅಭಿನಂದಿಸಿದರು.
ಈ ಸಂದರ್ಭದಲ್ಲಿ ಅನಿಲ ಆಲಮೇಲ ಶರಣಪ್ಪ ಮಂಗಳೂರು ಇತರರು ಉಪಸ್ಥಿತರಿದ್ದರು.
ಸರ್ಕಾರಿ ಕಟ್ಟಡಗಳ ಮೇಲ್ಚಾವಣಿಗೆ ಬೇಕಿದೆ ಕಾಯಕಲ್ಪ
■ ಅನಿಲ್‌ಕುಮಾರ್ ಎಂ.ಕಲ್ಲಾವಿ
■ ಯಲಬುರ್ಗಾ: ಸರ್ಕಾರಿ ಕಟ್ಟಡಗಳ ಹಾಳೆ, ಬರೀ ನಿಲ್ದಾಣ! ನಿರ್ವಹಣೆ ಕೊರತೆ, ಸ್ವಚ್ಛತೆ ಬಗ್ಗೆ ಬೇಜವಾಬ್ದಾರಿ, ಹೀಗೆ ಸರ್ಕಾರಿ ಕಟ್ಟಡಗಳು ಹಾಳಾಗುತ್ತಿವೆ. ಮಳೆಗಾಲ ಆರಂಭವಾಗುತ್ತಿದ್ದಂತೆ ಮೇಲ್ಚಾವಣಿ ಸೋರಿಕೆಯಾಗಿ ಕಟ್ಟಡದ ಒಳಗೆ ನೀರು ನುಗ್ಗುತ್ತದೆ. ತಾಲೂಕಿನ ಹಲವು ಶಾಲೆ, ಅಂಗನವಾಡಿ, ಆಸ್ಪತ್ರೆ ಕಟ್ಟಡಗಳು ಶಿಥಿಲಾವಸ್ಥೆಗೆ ತಲುಪಿವೆ. ನಿರ್ವಹಣೆಗಾಗಿ ಸರ್ಕಾರ ಅನುದಾನ ನೀಡಿದರೂ ಸರಿಯಾಗಿ ಬಳಕೆಯಾಗುತ್ತಿಲ್ಲ. ಮಳೆಗಾಲಕ್ಕೂ ಮುನ್ನ ಮೇಲ್ಚಾವಣಿ ದುರಸ್ತಿ ಮಾಡಬೇಕಾಗಿದೆ ಎಂದು ಸಾರ್ವಜನಿಕರು ಒತ್ತಾಯಿಸಿದ್ದಾರೆ. ಕೆಲ ಕಟ್ಟಡಗಳು ಈಗಾಗಲೇ ಬಿರುಕು ಬಿಟ್ಟಿದ್ದು ಯಾವುದೇ ಕ್ಷಣದಲ್ಲಿ ಕುಸಿಯುವ ಭೀತಿ ಎದುರಾಗಿದೆ. ಅಧಿಕಾರಿಗಳು ಕೂಡಲೇ ಇತ್ತ ಗಮನ ಹರಿಸಬೇಕಿದೆ.
ಮಳೆಗಾಲದಲ್ಲಿ ನೀರು ಸೋರುವುದು ಆಗಿನ ಕಟ್ಟಡಗಳು ಶಿಥಿಲಾವಸ್ಥೆ ತಲುಪಿವೆ. ಕೋಟಿ ಕೋಟಿ ಖರ್ಚು ಮಾಡಿದ ಕಟ್ಟಡಗಳು ಅಲ್ಲಲ್ಲಿ ಬೀಳುತ್ತಿವೆ. ಈ ಬಗ್ಗೆ ಇಲಾಖೆ ಮುಂಜಾಗ್ರತಾ ಕಾರ್ಯಕ್ಕೆ ಮುಂದಾಗಬೇಕು.
■ ಆನಂದ ಬಂಡಿ, ಅಧ್ಯಕ್ಷರು, ಕರ್ನಾಟಕ ಕ್ರಾಂತಿ ಸೇನೆ
ಕ್ಷೇತ್ರದ ಎಲ್ಲ ಶಾಲೆಗಳ ಮುಖ್ಯೋಪಾಧ್ಯಾಯರಿಗೆ ಶಾಲೆಯ ಕಟ್ಟಡದ ಹಿತದೃಷ್ಟಿಯಿಂದ ಮಳೆಗಾಲದಲ್ಲಿ ಅಹುದೇನಿರಬಹುದಾದ ಮುಂಜಾಗ್ರತಾ ಕ್ರಮ ಬಗ್ಗೆ ಸೂಚನೆ ನೀಡಲಾಗಿದೆ. ಜೊತೆಗೆ ಇತರ ಇಲಾಖೆಗಳ ಕಟ್ಟಡಗಳ ಬಗ್ಗೆಯೂ ಗಮನ ಹರಿಸಲಾಗುವುದು.
■ ಸೋಮಶೇಖರಗೌಡ ಪಾಟೀಲ, ಬಿಇಒ
ದಿಗಂತ ವಿಶೇಷ
■ ಯಲಬುರ್ಗಾ: ಸರ್ಕಾರಿ ಕಟ್ಟಡಗಳ ಹಾಳೆ, ಬರೀ ನಿಲ್ದಾಣ! ನಿರ್ವಹಣೆ ಕೊರತೆ, ಸ್ವಚ್ಛತೆ ಬಗ್ಗೆ ಬೇಜವಾಬ್ದಾರಿ, ಹೀಗೆ ಸರ್ಕಾರಿ ಕಟ್ಟಡಗಳು ಹಾಳಾಗುತ್ತಿವೆ. ಮಳೆಗಾಲ ಆರಂಭವಾಗುತ್ತಿದ್ದಂತೆ ಮೇಲ್ಚಾವಣಿ ಸೋರಿಕೆಯಾಗಿ ಕಟ್ಟಡದ ಒಳಗೆ ನೀರು ನುಗ್ಗುತ್ತದೆ. ತಾಲೂಕಿನ ಹಲವು ಶಾಲೆ, ಅಂಗನವಾಡಿ, ಆಸ್ಪತ್ರೆ ಕಟ್ಟಡಗಳು ಶಿಥಿಲಾವಸ್ಥೆಗೆ ತಲುಪಿವೆ. ನಿರ್ವಹಣೆಗಾಗಿ ಸರ್ಕಾರ ಅನುದಾನ ನೀಡಿದರೂ ಸರಿಯಾಗಿ ಬಳಕೆಯಾಗುತ್ತಿಲ್ಲ. ಮಳೆಗಾಲಕ್ಕೂ ಮುನ್ನ ಮೇಲ್ಚಾವಣಿ ದುರಸ್ತಿ ಮಾಡಬೇಕಾಗಿದೆ ಎಂದು ಸಾರ್ವಜನಿಕರು ಒತ್ತಾಯಿಸಿದ್ದಾರೆ. ಕೆಲ ಕಟ್ಟಡಗಳು ಈಗಾಗಲೇ ಬಿರುಕು ಬಿಟ್ಟಿದ್ದು ಯಾವುದೇ ಕ್ಷಣದಲ್ಲಿ ಕುಸಿಯುವ ಭೀತಿ ಎದುರಾಗಿದೆ. ಅಧಿಕಾರಿಗಳು ಕೂಡಲೇ ಇತ್ತ ಗಮನ ಹರಿಸಬೇಕಿದೆ.
ವಸತಿ ನಿಲಯಗಳಿಗೆ ಕಾಟ್, ಬೆಡ್ ವ್ಯವಸ್ಥೆ ಕಲ್ಪಿಸಿ
■ ರಾಯಚೂರು: ಜಿಲ್ಲೆಯಲ್ಲಿನ ಎಲ್ಲಾ ವಸತಿ ನಿಲಯಗಳಲ್ಲಿ ವಿದ್ಯಾರ್ಥಿಗಳಿಗೆ ಕಾಟ್, ಬೆಡ್ ವ್ಯವಸ್ಥೆ ಕಲ್ಪಿಸಬೇಕು ಎಂದು ಜಿಲ್ಲಾ ಪಂಚಾಯತ್ ಮುಖ್ಯ ಕಾರ್ಯನಿರ್ವಾಹಕ ಅಧಿಕಾರಿ ಈಶ್ವರ ಕಾಂದೂ ಸೂಚಿಸಿದರು. ಜಿಲ್ಲಾ ಪಂಚಾಯತ್ ಸಭಾಂಗಣದಲ್ಲಿ ನಡೆದ ವಸತಿ ನಿಲಯಗಳ ಪ್ರಗತಿ ಪರಿಶೀಲನಾ ಸಭೆಯಲ್ಲಿ ಮಾತನಾಡಿದ ಅವರು, ವಸತಿ ನಿಲಯಗಳಲ್ಲಿ ಸ್ವಚ್ಛತೆ ಕಾಪಾಡಬೇಕು. ಗುಣಮಟ್ಟದ ಆಹಾರ ನೀಡಬೇಕು. ವಿದ್ಯಾರ್ಥಿಗಳ ಆರೋಗ್ಯದ ಬಗ್ಗೆ ಕಾಳಜಿ ವಹಿಸಬೇಕು. ಕುಡಿಯುವ ನೀರು, ಶೌಚಾಲಯ ವ್ಯವಸ್ಥೆ ಸರಿಯಾಗಿ ಇರಬೇಕು ಎಂದರು. ವಸತಿ ನಿಲಯಗಳ ಮೇಲ್ವಿಚಾರಕರು ನಿಯಮಿತವಾಗಿ ಭೇಟಿ ನೀಡಿ ಪರಿಶೀಲಿಸಬೇಕು. ವಿದ್ಯಾರ್ಥಿಗಳ ಕುಂದುಕೊರತೆಗಳನ್ನು ಆಲಿಸಿ ಪರಿಹರಿಸಬೇಕು. ದುರಸ್ತಿ ಅಗತ್ಯವಿರುವ ಕಟ್ಟಡಗಳ ಪಟ್ಟಿ ಸಿದ್ಧಪಡಿಸಿ ಸಲ್ಲಿಸಬೇಕು. ಮಳೆಗಾಲಕ್ಕೂ ಮುನ್ನ ಎಲ್ಲ ಕಾಮಗಾರಿಗಳನ್ನು ಪೂರ್ಣಗೊಳಿಸಬೇಕು ಎಂದು ಸೂಚಿಸಿದರು. ಸಭೆಯಲ್ಲಿ ಸಮಾಜ ಕಲ್ಯಾಣ ಇಲಾಖೆ, ಹಿಂದುಳಿದ ವರ್ಗಗಳ ಕಲ್ಯಾಣ ಇಲಾಖೆ, ಅಲ್ಪಸಂಖ್ಯಾತರ ಕಲ್ಯಾಣ ಇಲಾಖೆಯ ಅಧಿಕಾರಿಗಳು ಇದ್ದರು.
ಬಿಸಿಎಂ ಇಲಾಖೆಯ ವ್ಯಾಪ್ತಿಗೆ ಬರುವ ಹೆಚ್ಚಿನ ವಿದ್ಯಾರ್ಥಿ ನಿಲಯಗಳು ಕಳೆದ ಐದು ವರ್ಷಗಳಿಂದ ಹೊಸತಾಗಿ ಆರಂಭವಾಗಿವೆ. ಹೀಗಾಗಿ ಹೆಚ್ಚಿನ (52) ವಿದ್ಯಾರ್ಥಿ ನಿಲಯಗಳಲ್ಲಿ ಕಾಟ್, ಬೆಡ್ ಗಳ ವ್ಯವಸ್ಥೆ ಮಾಡಲಾಗಿಲ್ಲ. ವಿಶೇಷ ಅನುದಾನದಲ್ಲಿ ಶೀಘ್ರವೇ ಎಲ್ಲ ವಿದ್ಯಾರ್ಥಿ ನಿಲಯಗಳ ವಿದ್ಯಾರ್ಥಿಗಳಿಗೆ ವ್ಯವಸ್ಥೆ ಮಾಡುವುದಕ್ಕೆ ಕ್ರಮ ಕೈಗೊಳ್ಳಲಾಗುವುದು.
■ ಡಾ.ಅಶೋಕ ವಿ., ಬಿಸಿಎಂ ಡಿಡಿ
ಮತ್ತಿತರ ಸದಸ್ಯರು ಮಾತನಾಡಿ, ವಸತಿ ನಿಲಯಗಳಲ್ಲಿ ಕಾಟ್, ಬೆಡ್ ಇಲ್ಲದೆ ವಿದ್ಯಾರ್ಥಿಗಳು ನೆಲದ ಮೇಲೆ ಮಲಗುವ ಸ್ಥಿತಿ ಇದೆ. ಇದನ್ನು ಶೀಘ್ರವೇ ಸರಿಪಡಿಸಬೇಕು ಎಂದು ಆಗ್ರಹಿಸಿದರು. ಅಧಿಕಾರಿಗಳು ಸ್ಪಂದಿಸಿ ಕೂಡಲೇ ಕ್ರಮ ಕೈಗೊಳ್ಳುವುದಾಗಿ ಭರವಸೆ ನೀಡಿದರು.
